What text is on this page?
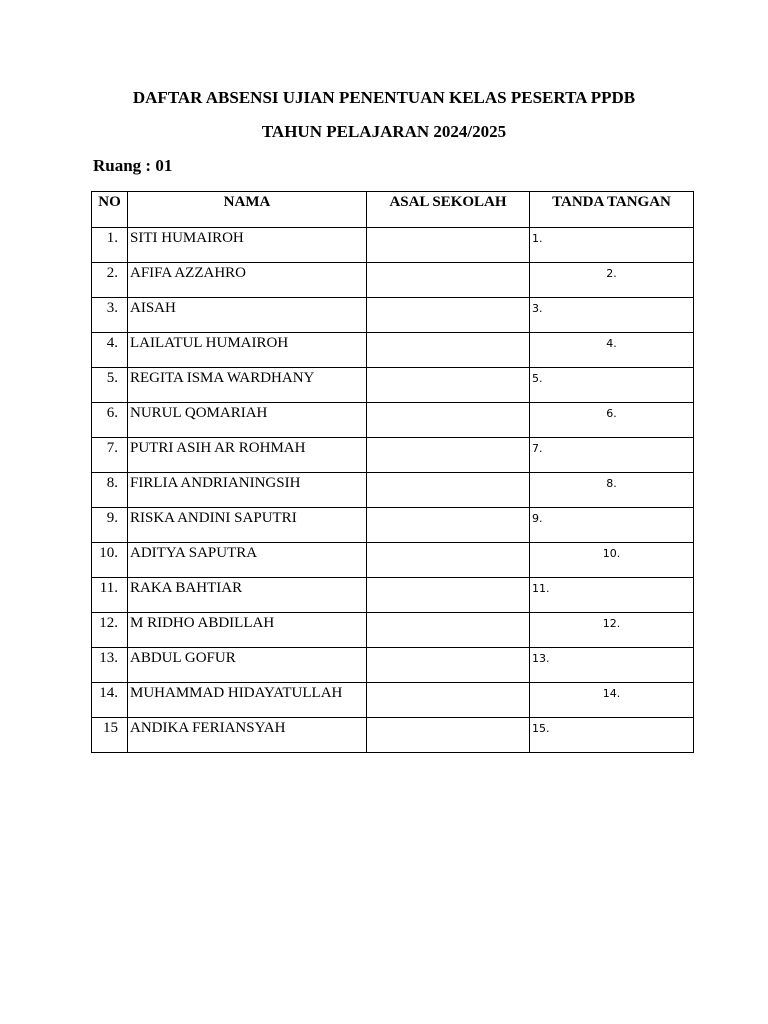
DAFTAR ABSENSI UJIAN PENENTUAN KELAS PESERTA PPDB
TAHUN PELAJARAN 2024/2025
Ruang : 01
NO	NAMA	ASAL SEKOLAH	TANDA TANGAN
1.	SITI HUMAIROH		1.

2.	AFIFA AZZAHRO		2.

3.	AISAH		3.

4.	LAILATUL HUMAIROH		4.

5.	REGITA ISMA WARDHANY		5.

6.	NURUL QOMARIAH		6.

7.	PUTRI ASIH AR ROHMAH		7.

8.	FIRLIA ANDRIANINGSIH		8.

9.	RISKA ANDINI SAPUTRI		9.

10.	ADITYA SAPUTRA		10.

11.	RAKA BAHTIAR		11.

12.	M RIDHO ABDILLAH		12.

13.	ABDUL GOFUR		13.

14.	MUHAMMAD HIDAYATULLAH		14.

15	ANDIKA FERIANSYAH		15.
